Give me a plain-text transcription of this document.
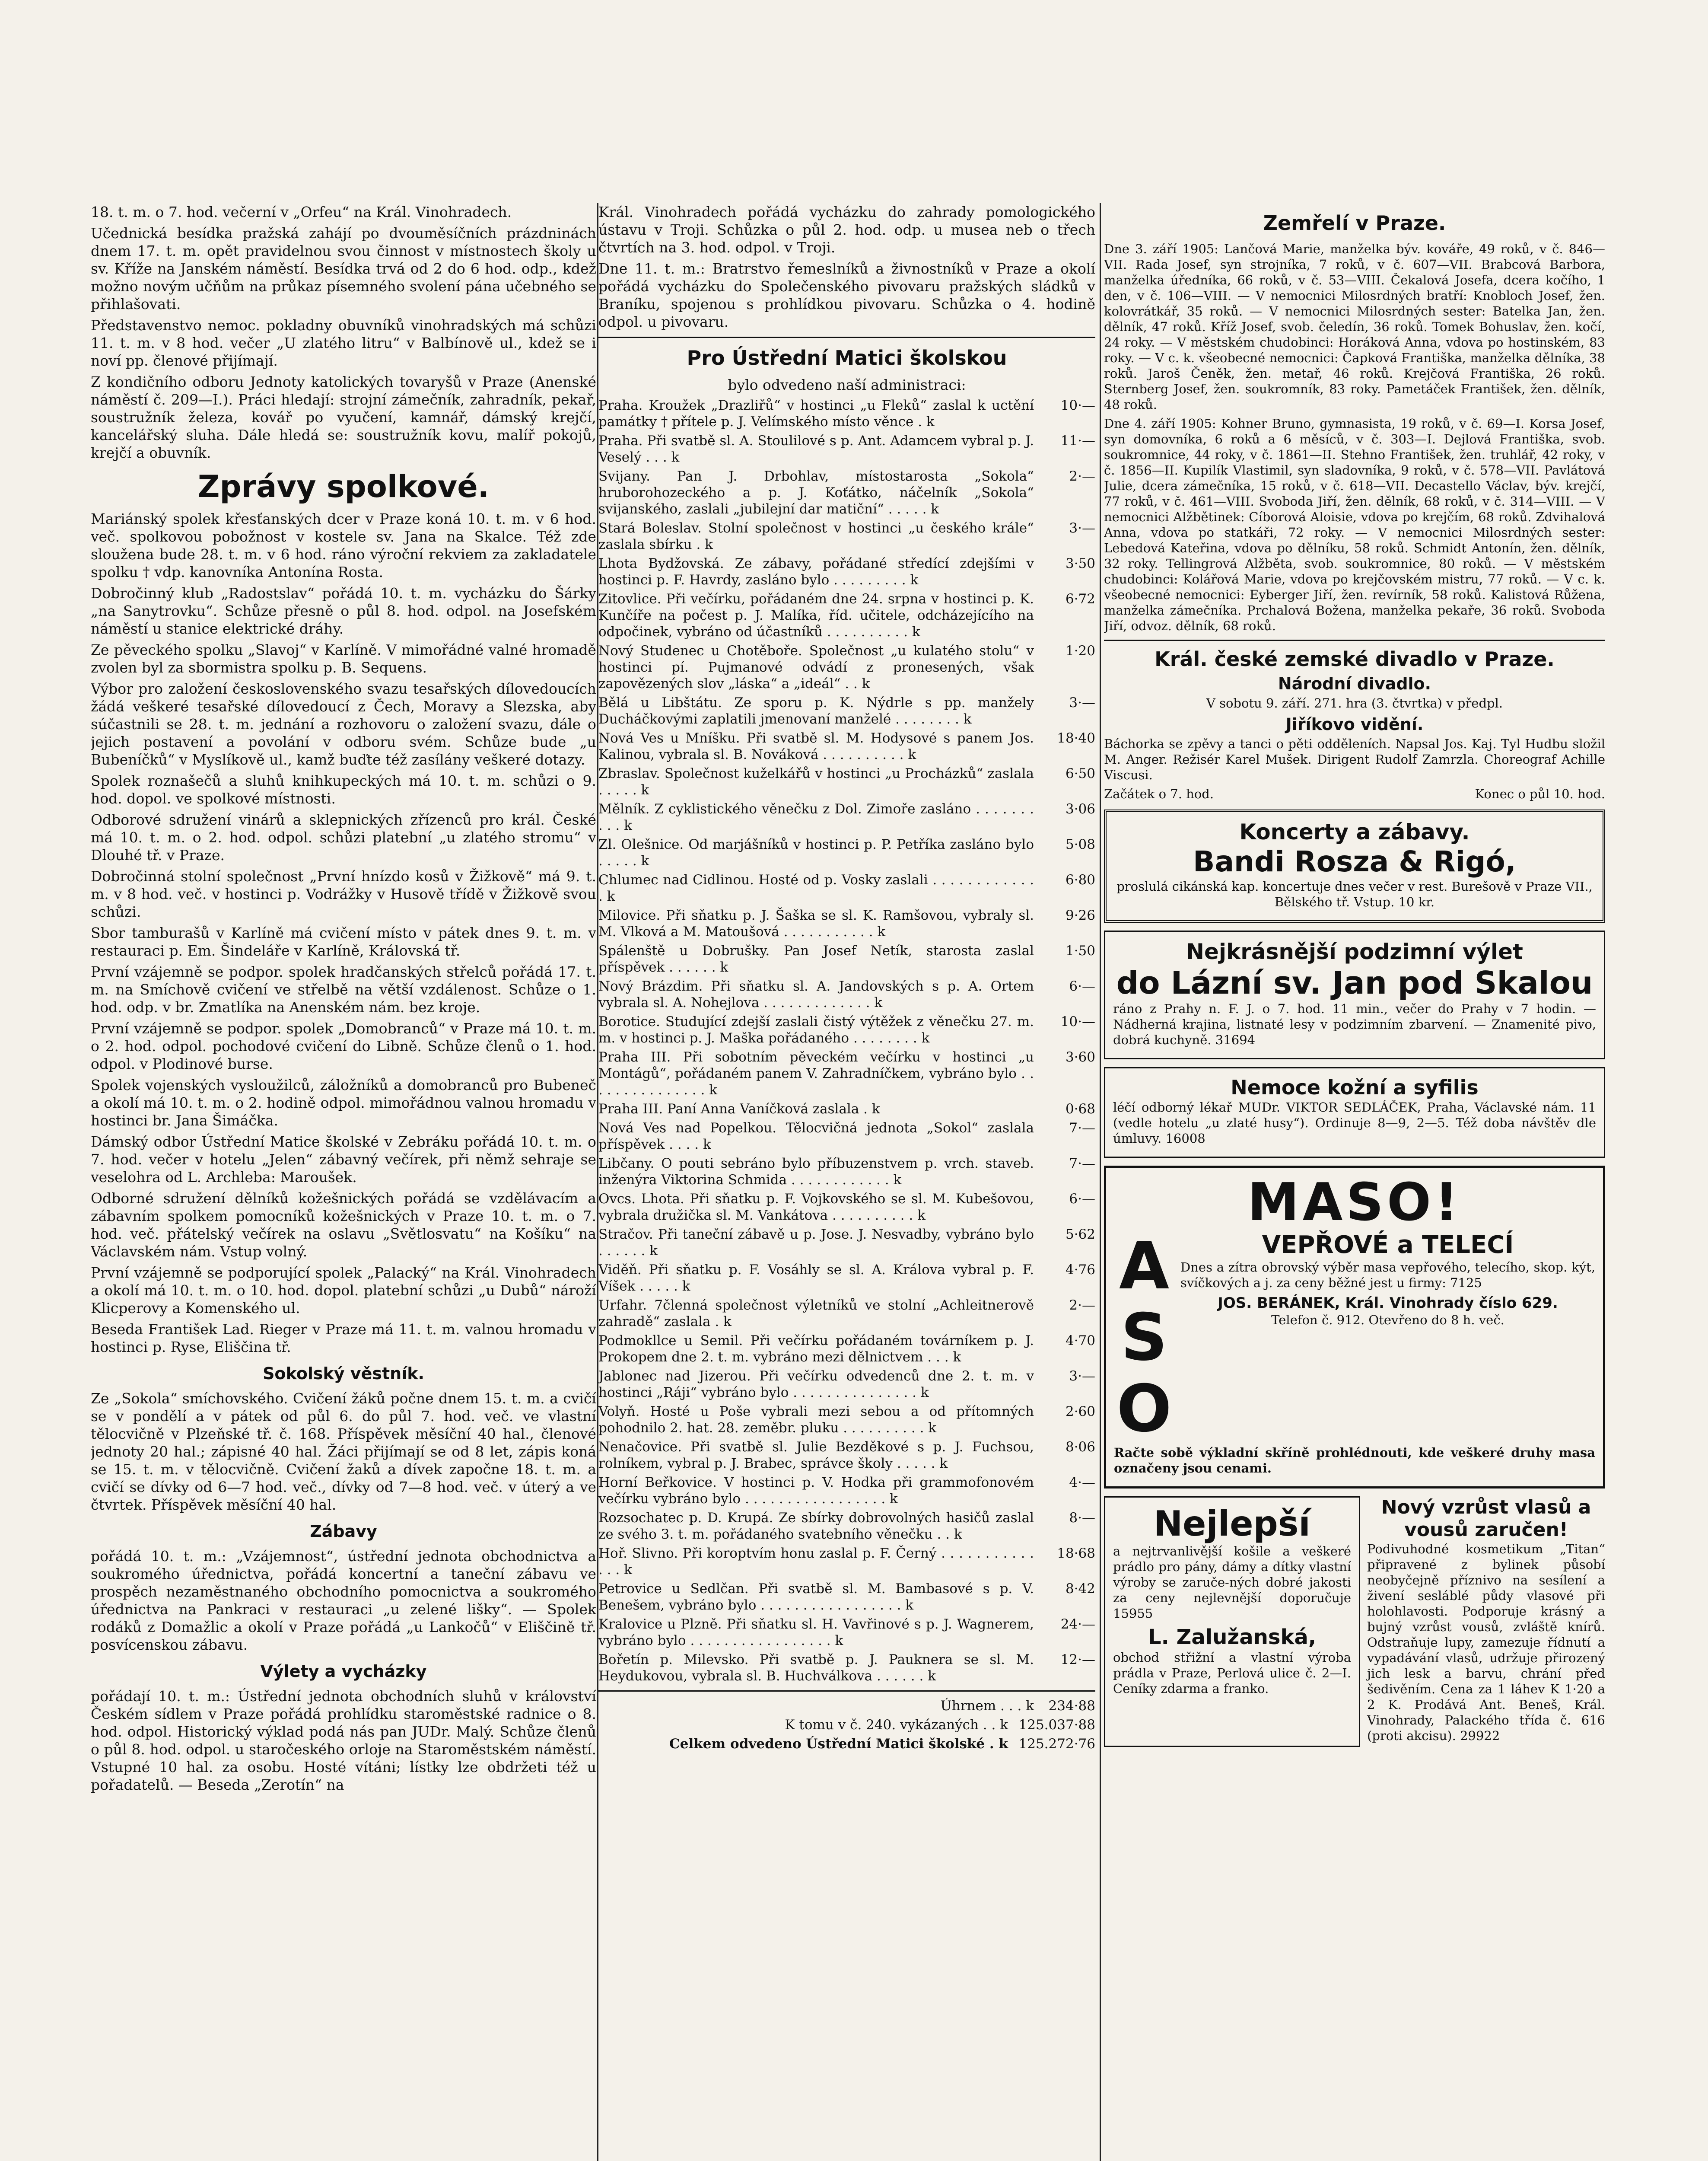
18. t. m. o 7. hod. večerní v „Orfeu“ na Král. Vinohradech.

Učednická besídka pražská zahájí po dvouměsíčních prázdninách dnem 17. t. m. opět pravidelnou svou činnost v místnostech školy u sv. Kříže na Janském náměstí. Besídka trvá od 2 do 6 hod. odp., kdež možno novým učňům na průkaz písemného svolení pána učebného se přihlašovati.

Představenstvo nemoc. pokladny obuvníků vinohradských má schůzi 11. t. m. v 8 hod. večer „U zlatého litru“ v Balbínově ul., kdež se i noví pp. členové přijímají.

Z kondičního odboru Jednoty katolických tovaryšů v Praze (Anenské náměstí č. 209—I.). Práci hledají: strojní zámečník, zahradník, pekař, soustružník železa, kovář po vyučení, kamnář, dámský krejčí, kancelářský sluha. Dále hledá se: soustružník kovu, malíř pokojů, krejčí a obuvník.

Zprávy spolkové.

Mariánský spolek křesťanských dcer v Praze koná 10. t. m. v 6 hod. več. spolkovou pobožnost v kostele sv. Jana na Skalce. Též zde sloužena bude 28. t. m. v 6 hod. ráno výroční rekviem za zakladatele spolku † vdp. kanovníka Antonína Rosta.

Dobročinný klub „Radostslav“ pořádá 10. t. m. vycházku do Šárky „na Sanytrovku“. Schůze přesně o půl 8. hod. odpol. na Josefském náměstí u stanice elektrické dráhy.

Ze pěveckého spolku „Slavoj“ v Karlíně. V mimořádné valné hromadě zvolen byl za sbormistra spolku p. B. Sequens.

Výbor pro založení československého svazu tesařských dílovedoucích žádá veškeré tesařské dílovedoucí z Čech, Moravy a Slezska, aby súčastnili se 28. t. m. jednání a rozhovoru o založení svazu, dále o jejich postavení a povolání v odboru svém. Schůze bude „u Bubeníčků“ v Myslíkově ul., kamž buďte též zasílány veškeré dotazy.

Spolek roznašečů a sluhů knihkupeckých má 10. t. m. schůzi o 9. hod. dopol. ve spolkové místnosti.

Odborové sdružení vinárů a sklepnických zřízenců pro král. České má 10. t. m. o 2. hod. odpol. schůzi platební „u zlatého stromu“ v Dlouhé tř. v Praze.

Dobročinná stolní společnost „První hnízdo kosů v Žižkově“ má 9. t. m. v 8 hod. več. v hostinci p. Vodrážky v Husově třídě v Žižkově svou schůzi.

Sbor tamburašů v Karlíně má cvičení místo v pátek dnes 9. t. m. v restauraci p. Em. Šindeláře v Karlíně, Královská tř.

První vzájemně se podpor. spolek hradčanských střelců pořádá 17. t. m. na Smíchově cvičení ve střelbě na větší vzdálenost. Schůze o 1. hod. odp. v br. Zmatlíka na Anenském nám. bez kroje.

První vzájemně se podpor. spolek „Domobranců“ v Praze má 10. t. m. o 2. hod. odpol. pochodové cvičení do Libně. Schůze členů o 1. hod. odpol. v Plodinové burse.

Spolek vojenských vysloužilců, záložníků a domobranců pro Bubeneč a okolí má 10. t. m. o 2. hodině odpol. mimořádnou valnou hromadu v hostinci br. Jana Šimáčka.

Dámský odbor Ústřední Matice školské v Zebráku pořádá 10. t. m. o 7. hod. večer v hotelu „Jelen“ zábavný večírek, při němž sehraje se veselohra od L. Archleba: Maroušek.

Odborné sdružení dělníků kožešnických pořádá se vzdělávacím a zábavním spolkem pomocníků kožešnických v Praze 10. t. m. o 7. hod. več. přátelský večírek na oslavu „Světlosvatu“ na Košíku“ na Václavském nám. Vstup volný.

První vzájemně se podporující spolek „Palacký“ na Král. Vinohradech a okolí má 10. t. m. o 10. hod. dopol. platební schůzi „u Dubů“ nároží Klicperovy a Komenského ul.

Beseda František Lad. Rieger v Praze má 11. t. m. valnou hromadu v hostinci p. Ryse, Eliščina tř.

Sokolský věstník.

Ze „Sokola“ smíchovského. Cvičení žáků počne dnem 15. t. m. a cvičí se v pondělí a v pátek od půl 6. do půl 7. hod. več. ve vlastní tělocvičně v Plzeňské tř. č. 168. Příspěvek měsíční 40 hal., členové jednoty 20 hal.; zápisné 40 hal. Žáci přijímají se od 8 let, zápis koná se 15. t. m. v tělocvičně. Cvičení žaků a dívek započne 18. t. m. a cvičí se dívky od 6—7 hod. več., dívky od 7—8 hod. več. v úterý a ve čtvrtek. Příspěvek měsíční 40 hal.

Zábavy

pořádá 10. t. m.: „Vzájemnost“, ústřední jednota obchodnictva a soukromého úřednictva, pořádá koncertní a taneční zábavu ve prospěch nezaměstnaného obchodního pomocnictva a soukromého úřednictva na Pankraci v restauraci „u zelené lišky“. — Spolek rodáků z Domažlic a okolí v Praze pořádá „u Lankočů“ v Eliščině tř. posvícenskou zábavu.

Výlety a vycházky

pořádají 10. t. m.: Ústřední jednota obchodních sluhů v království Českém sídlem v Praze pořádá prohlídku staroměstské radnice o 8. hod. odpol. Historický výklad podá nás pan JUDr. Malý. Schůze členů o půl 8. hod. odpol. u staročeského orloje na Staroměstském náměstí. Vstupné 10 hal. za osobu. Hosté vítáni; lístky lze obdržeti též u pořadatelů. — Beseda „Zerotín“ na

Král. Vinohradech pořádá vycházku do zahrady pomologického ústavu v Troji. Schůzka o půl 2. hod. odp. u musea neb o třech čtvrtích na 3. hod. odpol. v Troji.

Dne 11. t. m.: Bratrstvo řemeslníků a živnostníků v Praze a okolí pořádá vycházku do Společenského pivovaru pražských sládků v Braníku, spojenou s prohlídkou pivovaru. Schůzka o 4. hodině odpol. u pivovaru.

Pro Ústřední Matici školskou

bylo odvedeno naší administraci:

Praha. Kroužek „Drazliřů“ v hostinci „u Fleků“ zaslal k uctění památky † přítele p. J. Velímského místo věnce . k
10·—
Praha. Při svatbě sl. A. Stoulilové s p. Ant. Adamcem vybral p. J. Veselý . . . k
11·—
Svijany. Pan J. Drbohlav, místostarosta „Sokola“ hruborohozeckého a p. J. Koťátko, náčelník „Sokola“ svijanského, zaslali „jubilejní dar matiční“ . . . . . k
2·—
Stará Boleslav. Stolní společnost v hostinci „u českého krále“ zaslala sbírku . k
3·—
Lhota Bydžovská. Ze zábavy, pořádané středící zdejšími v hostinci p. F. Havrdy, zasláno bylo . . . . . . . . . k
3·50
Zitovlice. Při večírku, pořádaném dne 24. srpna v hostinci p. K. Kunčíře na počest p. J. Malíka, říd. učitele, odcházejícího na odpočinek, vybráno od účastníků . . . . . . . . . . k
6·72
Nový Studenec u Chotěboře. Společnost „u kulatého stolu“ v hostinci pí. Pujmanové odvádí z pronesených, však zapovězených slov „láska“ a „ideál“ . . k
1·20
Bělá u Libštátu. Ze sporu p. K. Nýdrle s pp. manžely Ducháčkovými zaplatili jmenovaní manželé . . . . . . . . k
3·—
Nová Ves u Mníšku. Při svatbě sl. M. Hodysové s panem Jos. Kalinou, vybrala sl. B. Nováková . . . . . . . . . . k
18·40
Zbraslav. Společnost kuželkářů v hostinci „u Procházků“ zaslala . . . . . k
6·50
Mělník. Z cyklistického věnečku z Dol. Zimoře zasláno . . . . . . . . . . k
3·06
Zl. Olešnice. Od marjášníků v hostinci p. P. Petříka zasláno bylo . . . . . k
5·08
Chlumec nad Cidlinou. Hosté od p. Vosky zaslali . . . . . . . . . . . . . k
6·80
Milovice. Při sňatku p. J. Šaška se sl. K. Ramšovou, vybraly sl. M. Vlková a M. Matoušová . . . . . . . . . . . k
9·26
Spálenště u Dobrušky. Pan Josef Netík, starosta zaslal příspěvek . . . . . . k
1·50
Nový Brázdim. Při sňatku sl. A. Jandovských s p. A. Ortem vybrala sl. A. Nohejlova . . . . . . . . . . . . . k
6·—
Borotice. Studující zdejší zaslali čistý výtěžek z věnečku 27. m. m. v hostinci p. J. Maška pořádaného . . . . . . . . k
10·—
Praha III. Při sobotním pěveckém večírku v hostinci „u Montágů“, pořádaném panem V. Zahradníčkem, vybráno bylo . . . . . . . . . . . . . . . k
3·60
Praha III. Paní Anna Vaníčková zaslala . k	0·68
Nová Ves nad Popelkou. Tělocvičná jednota „Sokol“ zaslala příspěvek . . . . k
7·—
Libčany. O pouti sebráno bylo příbuzenstvem p. vrch. staveb. inženýra Viktorina Schmida . . . . . . . . . . . . k
7·—
Ovcs. Lhota. Při sňatku p. F. Vojkovského se sl. M. Kubešovou, vybrala družička sl. M. Vankátova . . . . . . . . . . k
6·—
Stračov. Při taneční zábavě u p. Jose. J. Nesvadby, vybráno bylo . . . . . . k
5·62
Viděň. Při sňatku p. F. Vosáhly se sl. A. Králova vybral p. F. Víšek . . . . . k
4·76
Urfahr. 7členná společnost výletníků ve stolní „Achleitnerově zahradě“ zaslala . k
2·—
Podmokllce u Semil. Při večírku pořádaném továrníkem p. J. Prokopem dne 2. t. m. vybráno mezi dělnictvem . . . k
4·70
Jablonec nad Jizerou. Při večírku odvedenců dne 2. t. m. v hostinci „Ráji“ vybráno bylo . . . . . . . . . . . . . . . k
3·—
Volyň. Hosté u Poše vybrali mezi sebou a od přítomných pohodnilo 2. hat. 28. zeměbr. pluku . . . . . . . . . . k
2·60
Nenačovice. Při svatbě sl. Julie Bezděkové s p. J. Fuchsou, rolníkem, vybral p. J. Brabec, správce školy . . . . . k
8·06
Horní Beřkovice. V hostinci p. V. Hodka při grammofonovém večírku vybráno bylo . . . . . . . . . . . . . . . . . k
4·—
Rozsochatec p. D. Krupá. Ze sbírky dobrovolných hasičů zaslal ze svého 3. t. m. pořádaného svatebního věnečku . . k
8·—
Hoř. Slivno. Při koroptvím honu zaslal p. F. Černý . . . . . . . . . . . . . . k
18·68
Petrovice u Sedlčan. Při svatbě sl. M. Bambasové s p. V. Benešem, vybráno bylo . . . . . . . . . . . . . . . . . k
8·42
Kralovice u Plzně. Při sňatku sl. H. Vavřinové s p. J. Wagnerem, vybráno bylo . . . . . . . . . . . . . . . . . k
24·—
Bořetín p. Milevsko. Při svatbě p. J. Pauknera se sl. M. Heydukovou, vybrala sl. B. Huchválkova . . . . . . k
12·—
Úhrnem . . . k	234·88
K tomu v č. 240. vykázaných . . k 125.037·88
Celkem odvedeno Ústřední Matici školské . k 125.272·76
Zemřelí v Praze.

Dne 3. září 1905: Lančová Marie, manželka býv. kováře, 49 roků, v č. 846—VII. Rada Josef, syn strojníka, 7 roků, v č. 607—VII. Brabcová Barbora, manželka úředníka, 66 roků, v č. 53—VIII. Čekalová Josefa, dcera kočího, 1 den, v č. 106—VIII. — V nemocnici Milosrdných bratří: Knobloch Josef, žen. kolovrátkář, 35 roků. — V nemocnici Milosrdných sester: Batelka Jan, žen. dělník, 47 roků. Kříž Josef, svob. čeledín, 36 roků. Tomek Bohuslav, žen. kočí, 24 roky. — V městském chudobinci: Horáková Anna, vdova po hostinském, 83 roky. — V c. k. všeobecné nemocnici: Čapková Františka, manželka dělníka, 38 roků. Jaroš Čeněk, žen. metař, 46 roků. Krejčová Františka, 26 roků. Sternberg Josef, žen. soukromník, 83 roky. Pametáček František, žen. dělník, 48 roků.

Dne 4. září 1905: Kohner Bruno, gymnasista, 19 roků, v č. 69—I. Korsa Josef, syn domovníka, 6 roků a 6 měsíců, v č. 303—I. Dejlová Františka, svob. soukromnice, 44 roky, v č. 1861—II. Stehno František, žen. truhlář, 42 roky, v č. 1856—II. Kupilík Vlastimil, syn sladovníka, 9 roků, v č. 578—VII. Pavlátová Julie, dcera zámečníka, 15 roků, v č. 618—VII. Decastello Václav, býv. krejčí, 77 roků, v č. 461—VIII. Svoboda Jiří, žen. dělník, 68 roků, v č. 314—VIII. — V nemocnici Alžbětinek: Cíborová Aloisie, vdova po krejčím, 68 roků. Zdvihalová Anna, vdova po statkáři, 72 roky. — V nemocnici Milosrdných sester: Lebedová Kateřina, vdova po dělníku, 58 roků. Schmidt Antonín, žen. dělník, 32 roky. Tellingrová Alžběta, svob. soukromnice, 80 roků. — V městském chudobinci: Kolářová Marie, vdova po krejčovském mistru, 77 roků. — V c. k. všeobecné nemocnici: Eyberger Jiří, žen. revírník, 58 roků. Kalistová Růžena, manželka zámečníka. Prchalová Božena, manželka pekaře, 36 roků. Svoboda Jiří, odvoz. dělník, 68 roků.

Král. české zemské divadlo v Praze.
Národní divadlo.

V sobotu 9. září. 271. hra (3. čtvrtka) v předpl.

Jiříkovo vidění.

Báchorka se zpěvy a tanci o pěti odděleních. Napsal Jos. Kaj. Tyl Hudbu složil M. Anger. Režisér Karel Mušek. Dirigent Rudolf Zamrzla. Choreograf Achille Viscusi.

Začátek o 7. hod.	Konec o půl 10. hod.

Koncerty a zábavy.
Bandi Rosza & Rigó,

proslulá cikánská kap. koncertuje dnes večer v rest. Burešově v Praze VII., Bělského tř. Vstup. 10 kr.

Nejkrásnější podzimní výlet
do Lázní sv. Jan pod Skalou

ráno z Prahy n. F. J. o 7. hod. 11 min., večer do Prahy v 7 hodin. — Nádherná krajina, listnaté lesy v podzimním zbarvení. — Znamenité pivo, dobrá kuchyně. 31694

Nemoce kožní a syfilis

léčí odborný lékař MUDr. VIKTOR SEDLÁČEK, Praha, Václavské nám. 11 (vedle hotelu „u zlaté husy“). Ordinuje 8—9, 2—5. Též doba návštěv dle úmluvy. 16008

MASO!
A
S
O
VEPŘOVÉ a TELECÍ

Dnes a zítra obrovský výběr masa vepřového, telecího, skop. kýt, svíčkových a j. za ceny běžné jest u firmy: 7125

JOS. BERÁNEK, Král. Vinohrady číslo 629.

Telefon č. 912. Otevřeno do 8 h. več.

Račte sobě výkladní skříně prohlédnouti, kde veškeré druhy masa označeny jsou cenami.

Nejlepší

a nejtrvanlivější košile a veškeré prádlo pro pány, dámy a dítky vlastní výroby se zaruče-ných dobré jakosti za ceny nejlevnější doporučuje 15955

L. Zalužanská,

obchod střižní a vlastní výroba prádla v Praze, Perlová ulice č. 2—I. Ceníky zdarma a franko.

Nový vzrůst vlasů a vousů zaručen!

Podivuhodné kosmetikum „Titan“ připravené z bylinek působí neobyčejně příznivo na sesílení a živení sesláblé půdy vlasové při holohlavosti. Podporuje krásný a bujný vzrůst vousů, zvláště knírů. Odstraňuje lupy, zamezuje řídnutí a vypadávání vlasů, udržuje přirozený jich lesk a barvu, chrání před šedivěním. Cena za 1 láhev K 1·20 a 2 K. Prodává Ant. Beneš, Král. Vinohrady, Palackého třída č. 616 (proti akcisu). 29922
